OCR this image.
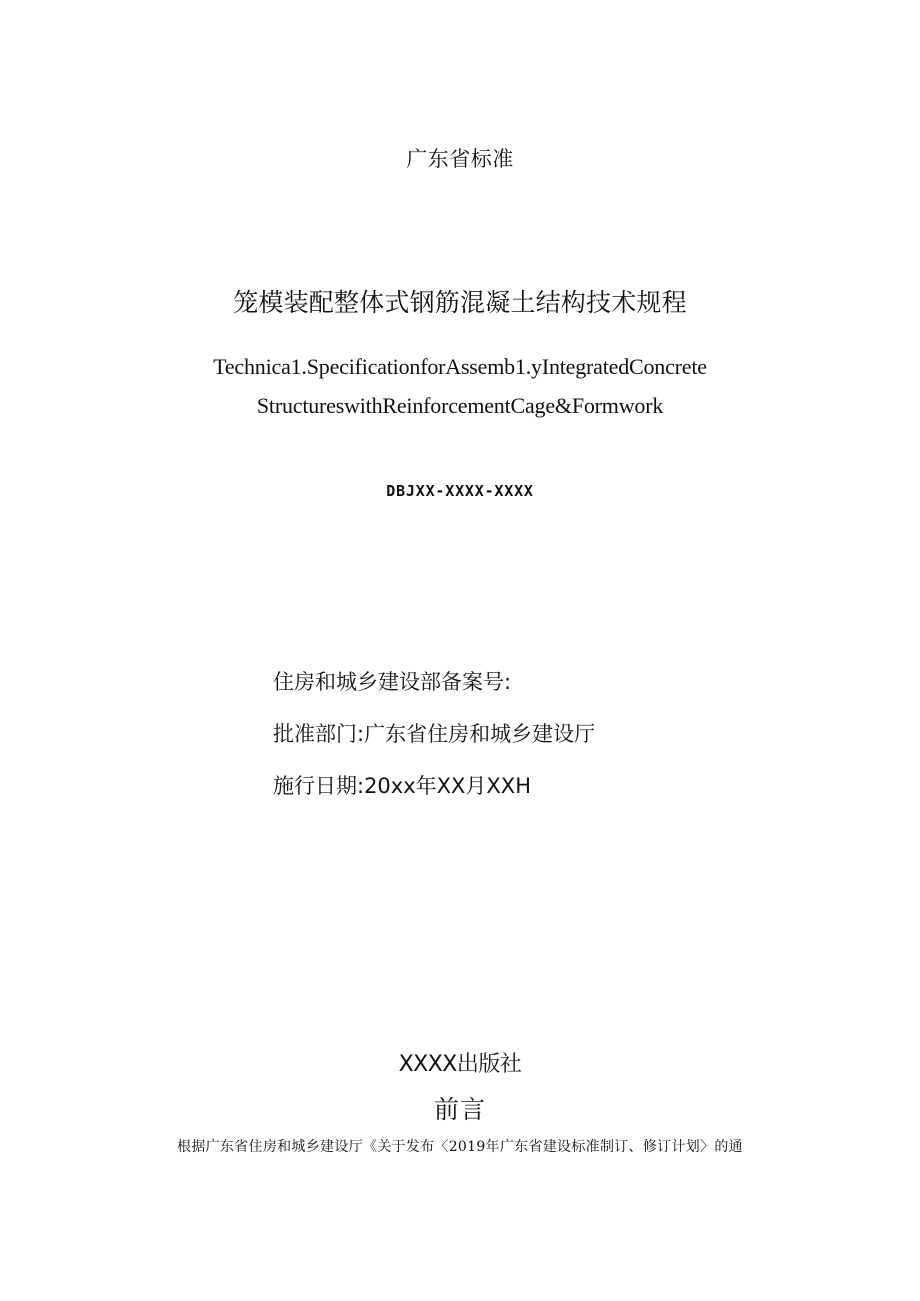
广东省标准
笼模装配整体式钢筋混凝土结构技术规程
Technica1.SpecificationforAssemb1.yIntegratedConcrete
StructureswithReinforcementCage&Formwork
DBJXX-XXXX-XXXX
住房和城乡建设部备案号:
批准部门:广东省住房和城乡建设厅
施行日期:20xx年XX月XXH
XXXX出版社
前言
根据广东省住房和城乡建设厅《关于发布〈2019年广东省建设标准制订、修订计划〉的通
